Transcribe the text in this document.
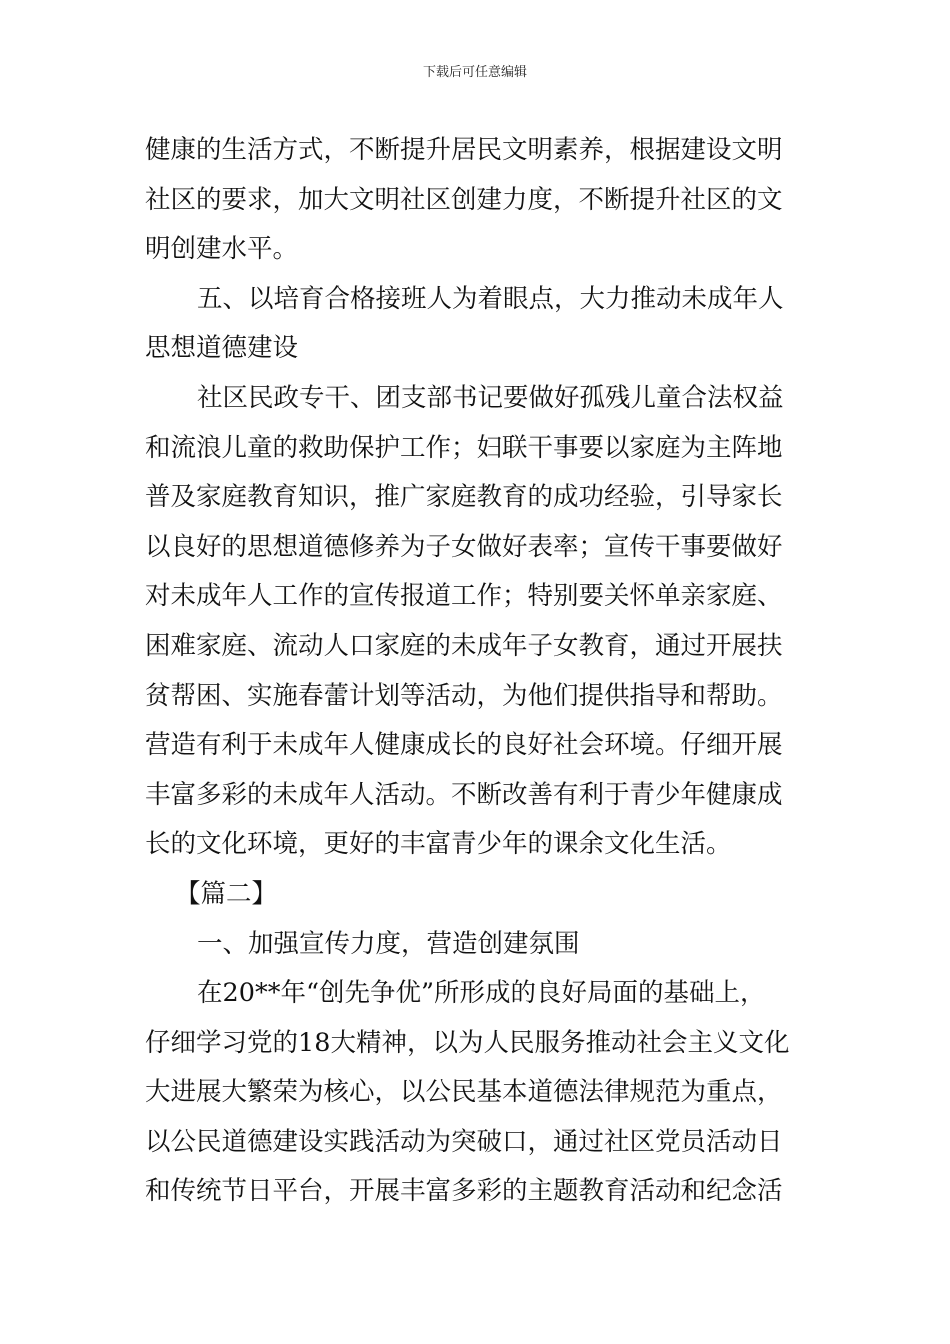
下载后可任意编辑
健康的生活方式，不断提升居民文明素养，根据建设文明
社区的要求，加大文明社区创建力度，不断提升社区的文
明创建水平。
五、以培育合格接班人为着眼点，大力推动未成年人
思想道德建设
社区民政专干、团支部书记要做好孤残儿童合法权益
和流浪儿童的救助保护工作；妇联干事要以家庭为主阵地
普及家庭教育知识，推广家庭教育的成功经验，引导家长
以良好的思想道德修养为子女做好表率；宣传干事要做好
对未成年人工作的宣传报道工作；特别要关怀单亲家庭、
困难家庭、流动人口家庭的未成年子女教育，通过开展扶
贫帮困、实施春蕾计划等活动，为他们提供指导和帮助。
营造有利于未成年人健康成长的良好社会环境。仔细开展
丰富多彩的未成年人活动。不断改善有利于青少年健康成
长的文化环境，更好的丰富青少年的课余文化生活。
【篇二】
一、加强宣传力度，营造创建氛围
在20**年“创先争优”所形成的良好局面的基础上，
仔细学习党的18大精神，以为人民服务推动社会主义文化
大进展大繁荣为核心，以公民基本道德法律规范为重点，
以公民道德建设实践活动为突破口，通过社区党员活动日
和传统节日平台，开展丰富多彩的主题教育活动和纪念活
